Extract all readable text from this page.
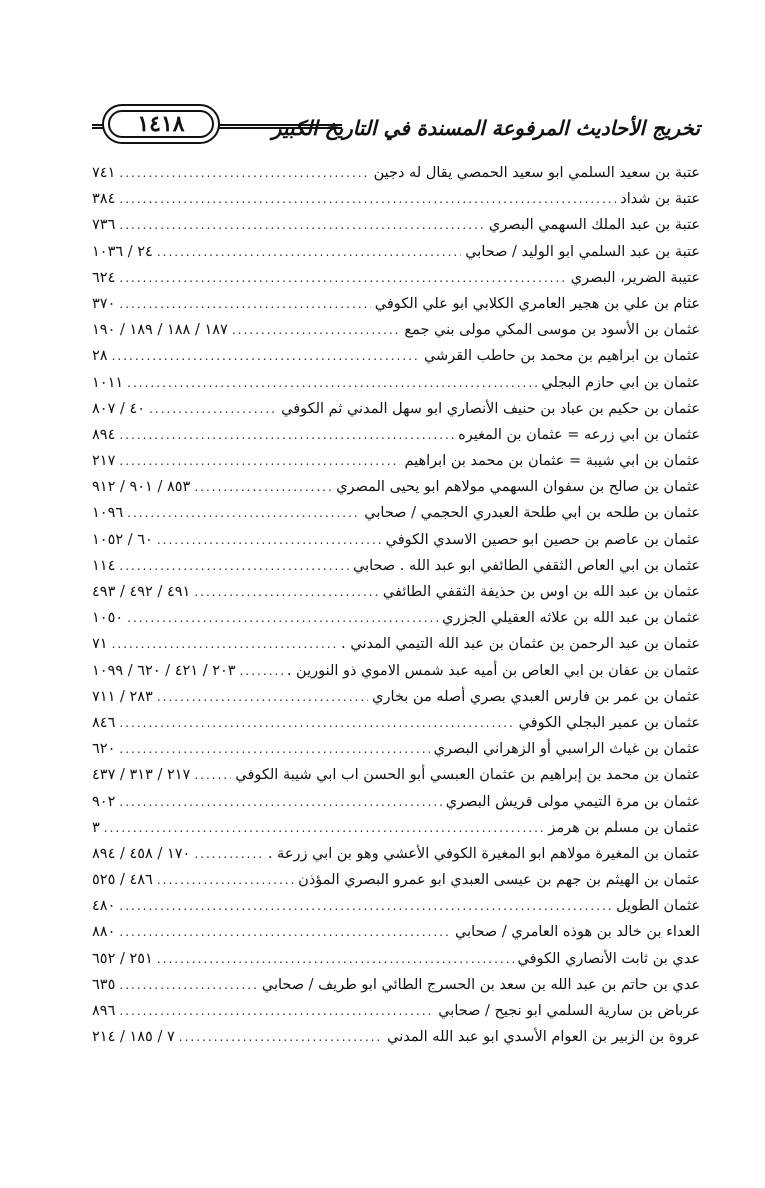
تخريج الأحاديث المرفوعة المسندة في التاريخ الكبير
١٤١٨
عتبة بن سعيد السلمي ابو سعيد الحمصي يقال له دجين
.....
٧٤١
عتبة بن شداد
.....
٣٨٤
عتبة بن عبد الملك السهمي البصري
.....
٧٣٦
عتبة بن عبد السلمي ابو الوليد / صحابي
.....
٢٤ / ١٠٣٦
عتيبة الضرير، البصري
.....
٦٢٤
عثام بن علي بن هجير العامري الكلابي ابو علي الكوفي
.....
٣٧٠
عثمان بن الأسود بن موسى المكي مولى بني جمع
.....
١٨٧ / ١٨٨ / ١٨٩ / ١٩٠
عثمان بن ابراهيم بن محمد بن حاطب القرشي
.....
٢٨
عثمان بن ابي حازم البجلي
.....
١٠١١
عثمان بن حكيم بن عباد بن حنيف الأنصاري ابو سهل المدني ثم الكوفي
.....
٤٠ / ٨٠٧
عثمان بن ابي زرعه = عثمان بن المغيره
.....
٨٩٤
عثمان بن ابي شيبة = عثمان بن محمد بن ابراهيم
.....
٢١٧
عثمان بن صالح بن سفوان السهمي مولاهم ابو يحيى المصري
.....
٨٥٣ / ٩٠١ / ٩١٢
عثمان بن طلحه بن ابي طلحة العبدري الحجمي / صحابي
.....
١٠٩٦
عثمان بن عاصم بن حصين ابو حصين الاسدي الكوفي
.....
٦٠ / ١٠٥٢
عثمان بن ابي العاص الثقفي الطائفي ابو عبد الله . صحابي
.....
١١٤
عثمان بن عبد الله بن اوس بن حذيفة الثقفي الطائفي
.....
٤٩١ / ٤٩٢ / ٤٩٣
عثمان بن عبد الله بن علاثه العقيلي الجزري
.....
١٠٥٠
عثمان بن عبد الرحمن بن عثمان بن عبد الله التيمي المدني .
.....
٧١
عثمان بن عفان بن ابي العاص بن أميه عبد شمس الاموي ذو النورين .
.....
٢٠٣ / ٤٢١ / ٦٢٠ / ١٠٩٩
عثمان بن عمر بن فارس العبدي بصري أصله من بخاري
.....
٢٨٣ / ٧١١
عثمان بن عمير البجلي الكوفي
.....
٨٤٦
عثمان بن غياث الراسبي أو الزهراني البصري
.....
٦٢٠
عثمان بن محمد بن إبراهيم بن عثمان العبسي أبو الحسن اب ابي شيبة الكوفي
.....
٢١٧ / ٣١٣ / ٤٣٧
عثمان بن مرة التيمي مولى قريش البصري
.....
٩٠٢
عثمان بن مسلم بن هرمز
.....
٣
عثمان بن المغيرة مولاهم ابو المغيرة الكوفي الأعشي وهو بن ابي زرعة .
.....
١٧٠ / ٤٥٨ / ٨٩٤
عثمان بن الهيثم بن جهم بن عيسى العبدي ابو عمرو البصري المؤذن
.....
٤٨٦ / ٥٢٥
عثمان الطويل
.....
٤٨٠
العداء بن خالد بن هوذه العامري / صحابي
.....
٨٨٠
عدي بن ثابت الأنصاري الكوفي
.....
٢٥١ / ٦٥٢
عدي بن حاتم بن عبد الله بن سعد بن الحسرج الطائي ابو طريف / صحابي
.....
٦٣٥
عرباض بن سارية السلمي ابو نجيح / صحابي
.....
٨٩٦
عروة بن الزبير بن العوام الأسدي ابو عبد الله المدني
.....
٧ / ١٨٥ / ٢١٤
